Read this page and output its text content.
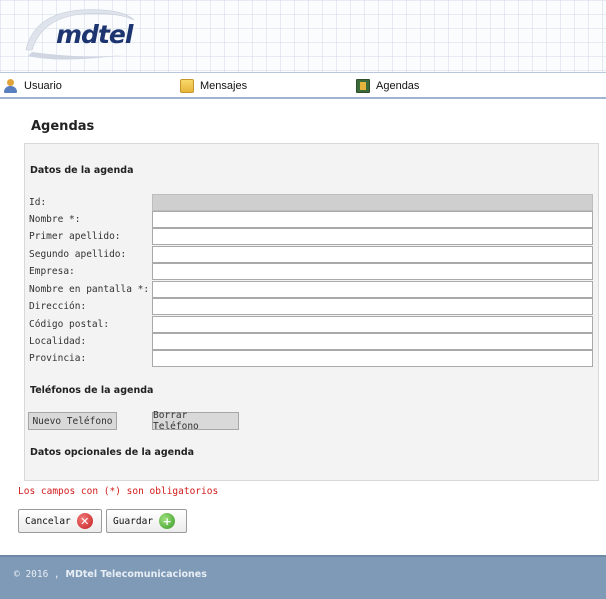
mdtel
Usuario	Mensajes	Agendas
Agendas
Datos de la agenda
Id:
Nombre *:
Primer apellido:
Segundo apellido:
Empresa:
Nombre en pantalla *:
Dirección:
Código postal:
Localidad:
Provincia:
Teléfonos de la agenda
Nuevo Teléfono	Borrar Teléfono
Datos opcionales de la agenda
Los campos con (*) son obligatorios
Cancelar ✕	Guardar +
© 2016 , MDtel Telecomunicaciones
